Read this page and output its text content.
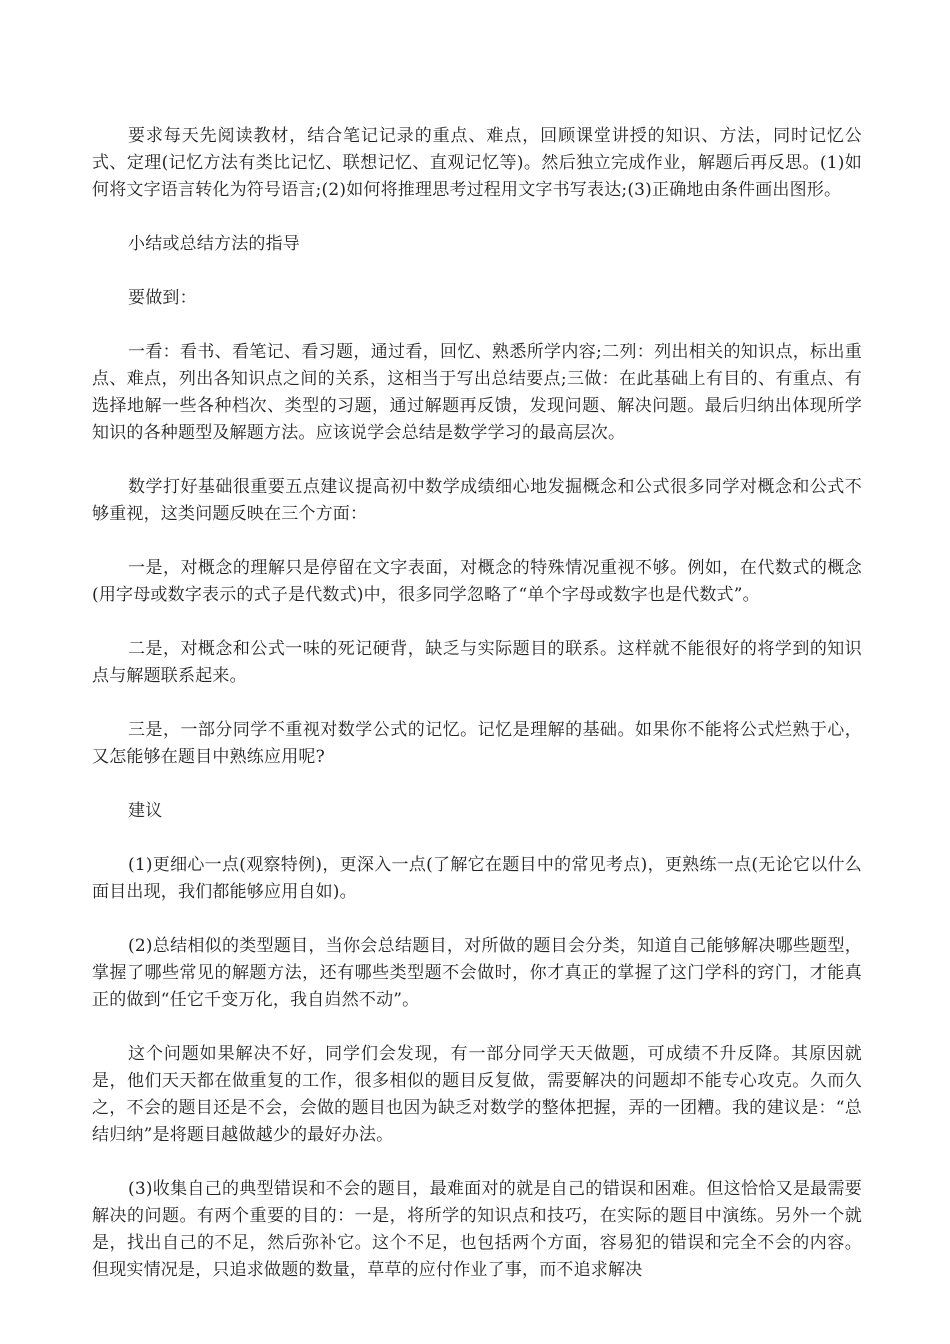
要求每天先阅读教材，结合笔记记录的重点、难点，回顾课堂讲授的知识、方法，同时记忆公式、定理(记忆方法有类比记忆、联想记忆、直观记忆等)。然后独立完成作业，解题后再反思。(1)如何将文字语言转化为符号语言;(2)如何将推理思考过程用文字书写表达;(3)正确地由条件画出图形。

小结或总结方法的指导

要做到：

一看：看书、看笔记、看习题，通过看，回忆、熟悉所学内容;二列：列出相关的知识点，标出重点、难点，列出各知识点之间的关系，这相当于写出总结要点;三做：在此基础上有目的、有重点、有选择地解一些各种档次、类型的习题，通过解题再反馈，发现问题、解决问题。最后归纳出体现所学知识的各种题型及解题方法。应该说学会总结是数学学习的最高层次。

数学打好基础很重要五点建议提高初中数学成绩细心地发掘概念和公式很多同学对概念和公式不够重视，这类问题反映在三个方面：

一是，对概念的理解只是停留在文字表面，对概念的特殊情况重视不够。例如，在代数式的概念(用字母或数字表示的式子是代数式)中，很多同学忽略了“单个字母或数字也是代数式”。

二是，对概念和公式一味的死记硬背，缺乏与实际题目的联系。这样就不能很好的将学到的知识点与解题联系起来。

三是，一部分同学不重视对数学公式的记忆。记忆是理解的基础。如果你不能将公式烂熟于心，又怎能够在题目中熟练应用呢?

建议

(1)更细心一点(观察特例)，更深入一点(了解它在题目中的常见考点)，更熟练一点(无论它以什么面目出现，我们都能够应用自如)。

(2)总结相似的类型题目，当你会总结题目，对所做的题目会分类，知道自己能够解决哪些题型，掌握了哪些常见的解题方法，还有哪些类型题不会做时，你才真正的掌握了这门学科的窍门，才能真正的做到“任它千变万化，我自岿然不动”。

这个问题如果解决不好，同学们会发现，有一部分同学天天做题，可成绩不升反降。其原因就是，他们天天都在做重复的工作，很多相似的题目反复做，需要解决的问题却不能专心攻克。久而久之，不会的题目还是不会，会做的题目也因为缺乏对数学的整体把握，弄的一团糟。我的建议是：“总结归纳”是将题目越做越少的最好办法。

(3)收集自己的典型错误和不会的题目，最难面对的就是自己的错误和困难。但这恰恰又是最需要解决的问题。有两个重要的目的：一是，将所学的知识点和技巧，在实际的题目中演练。另外一个就是，找出自己的不足，然后弥补它。这个不足，也包括两个方面，容易犯的错误和完全不会的内容。但现实情况是，只追求做题的数量，草草的应付作业了事，而不追求解决
